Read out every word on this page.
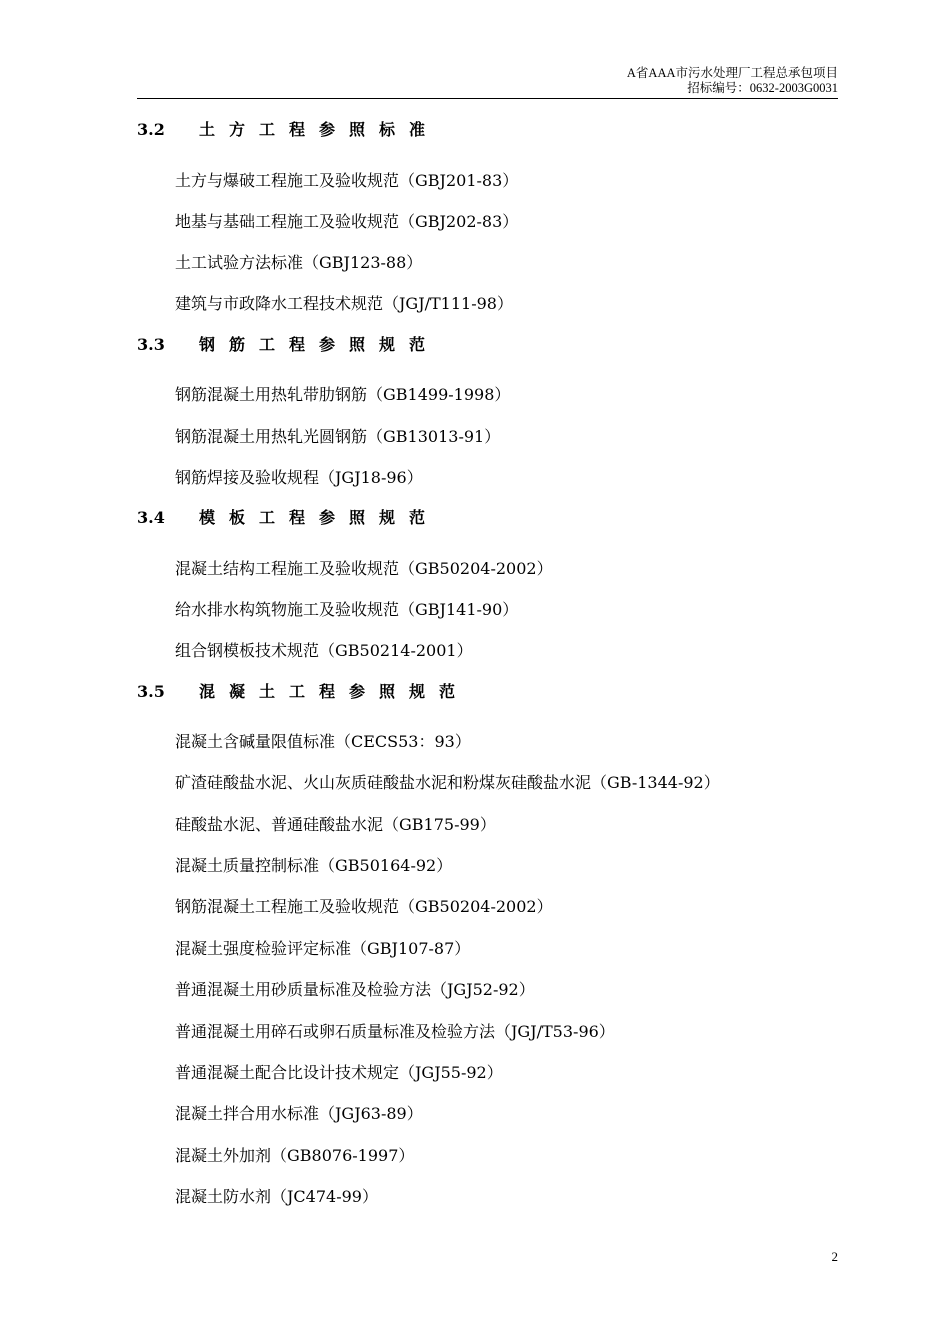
A省AAA市污水处理厂工程总承包项目
招标编号：0632-2003G0031
3.2 土方工程参照标准
土方与爆破工程施工及验收规范（GBJ201-83）
地基与基础工程施工及验收规范（GBJ202-83）
土工试验方法标准（GBJ123-88）
建筑与市政降水工程技术规范（JGJ/T111-98）
3.3 钢筋工程参照规范
钢筋混凝土用热轧带肋钢筋（GB1499-1998）
钢筋混凝土用热轧光圆钢筋（GB13013-91）
钢筋焊接及验收规程（JGJ18-96）
3.4 模板工程参照规范
混凝土结构工程施工及验收规范（GB50204-2002）
给水排水构筑物施工及验收规范（GBJ141-90）
组合钢模板技术规范（GB50214-2001）
3.5 混凝土工程参照规范
混凝土含碱量限值标准（CECS53：93）
矿渣硅酸盐水泥、火山灰质硅酸盐水泥和粉煤灰硅酸盐水泥（GB-1344-92）
硅酸盐水泥、普通硅酸盐水泥（GB175-99）
混凝土质量控制标准（GB50164-92）
钢筋混凝土工程施工及验收规范（GB50204-2002）
混凝土强度检验评定标准（GBJ107-87）
普通混凝土用砂质量标准及检验方法（JGJ52-92）
普通混凝土用碎石或卵石质量标准及检验方法（JGJ/T53-96）
普通混凝土配合比设计技术规定（JGJ55-92）
混凝土拌合用水标准（JGJ63-89）
混凝土外加剂（GB8076-1997）
混凝土防水剂（JC474-99）
2
